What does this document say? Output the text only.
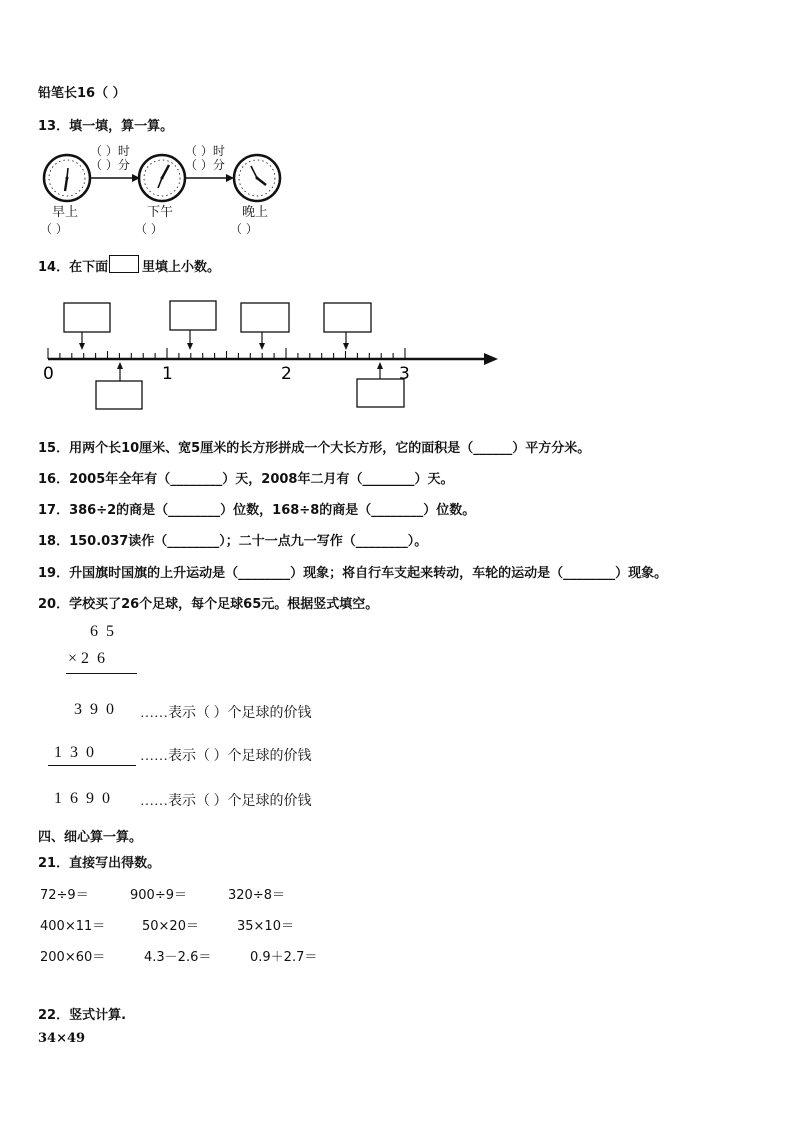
铅笔长16（ ）
13．填一填，算一算。
（ ）时
（ ）分
（ ）时
（ ）分
早上	下午	晚上
（ ）	（ ）	（ ）
14．在下面	里填上小数。
0	1	2	3
15．用两个长10厘米、宽5厘米的长方形拼成一个大长方形，它的面积是（______）平方分米。
16．2005年全年有（________）天，2008年二月有（________）天。
17．386÷2的商是（________）位数，168÷8的商是（________）位数。
18．150.037读作（________）；二十一点九一写作（________）。
19．升国旗时国旗的上升运动是（________）现象；将自行车支起来转动，车轮的运动是（________）现象。
20．学校买了26个足球，每个足球65元。根据竖式填空。
6  5
× 2  6
3  9  0 ……表示（ ）个足球的价钱
1  3  0	……表示（ ）个足球的价钱
1  6  9  0 ……表示（ ）个足球的价钱
四、细心算一算。
21．直接写出得数。
72÷9＝	900÷9＝	320÷8＝
400×11＝	50×20＝	35×10＝
200×60＝	4.3－2.6＝	0.9＋2.7＝
22．竖式计算.
34×49
